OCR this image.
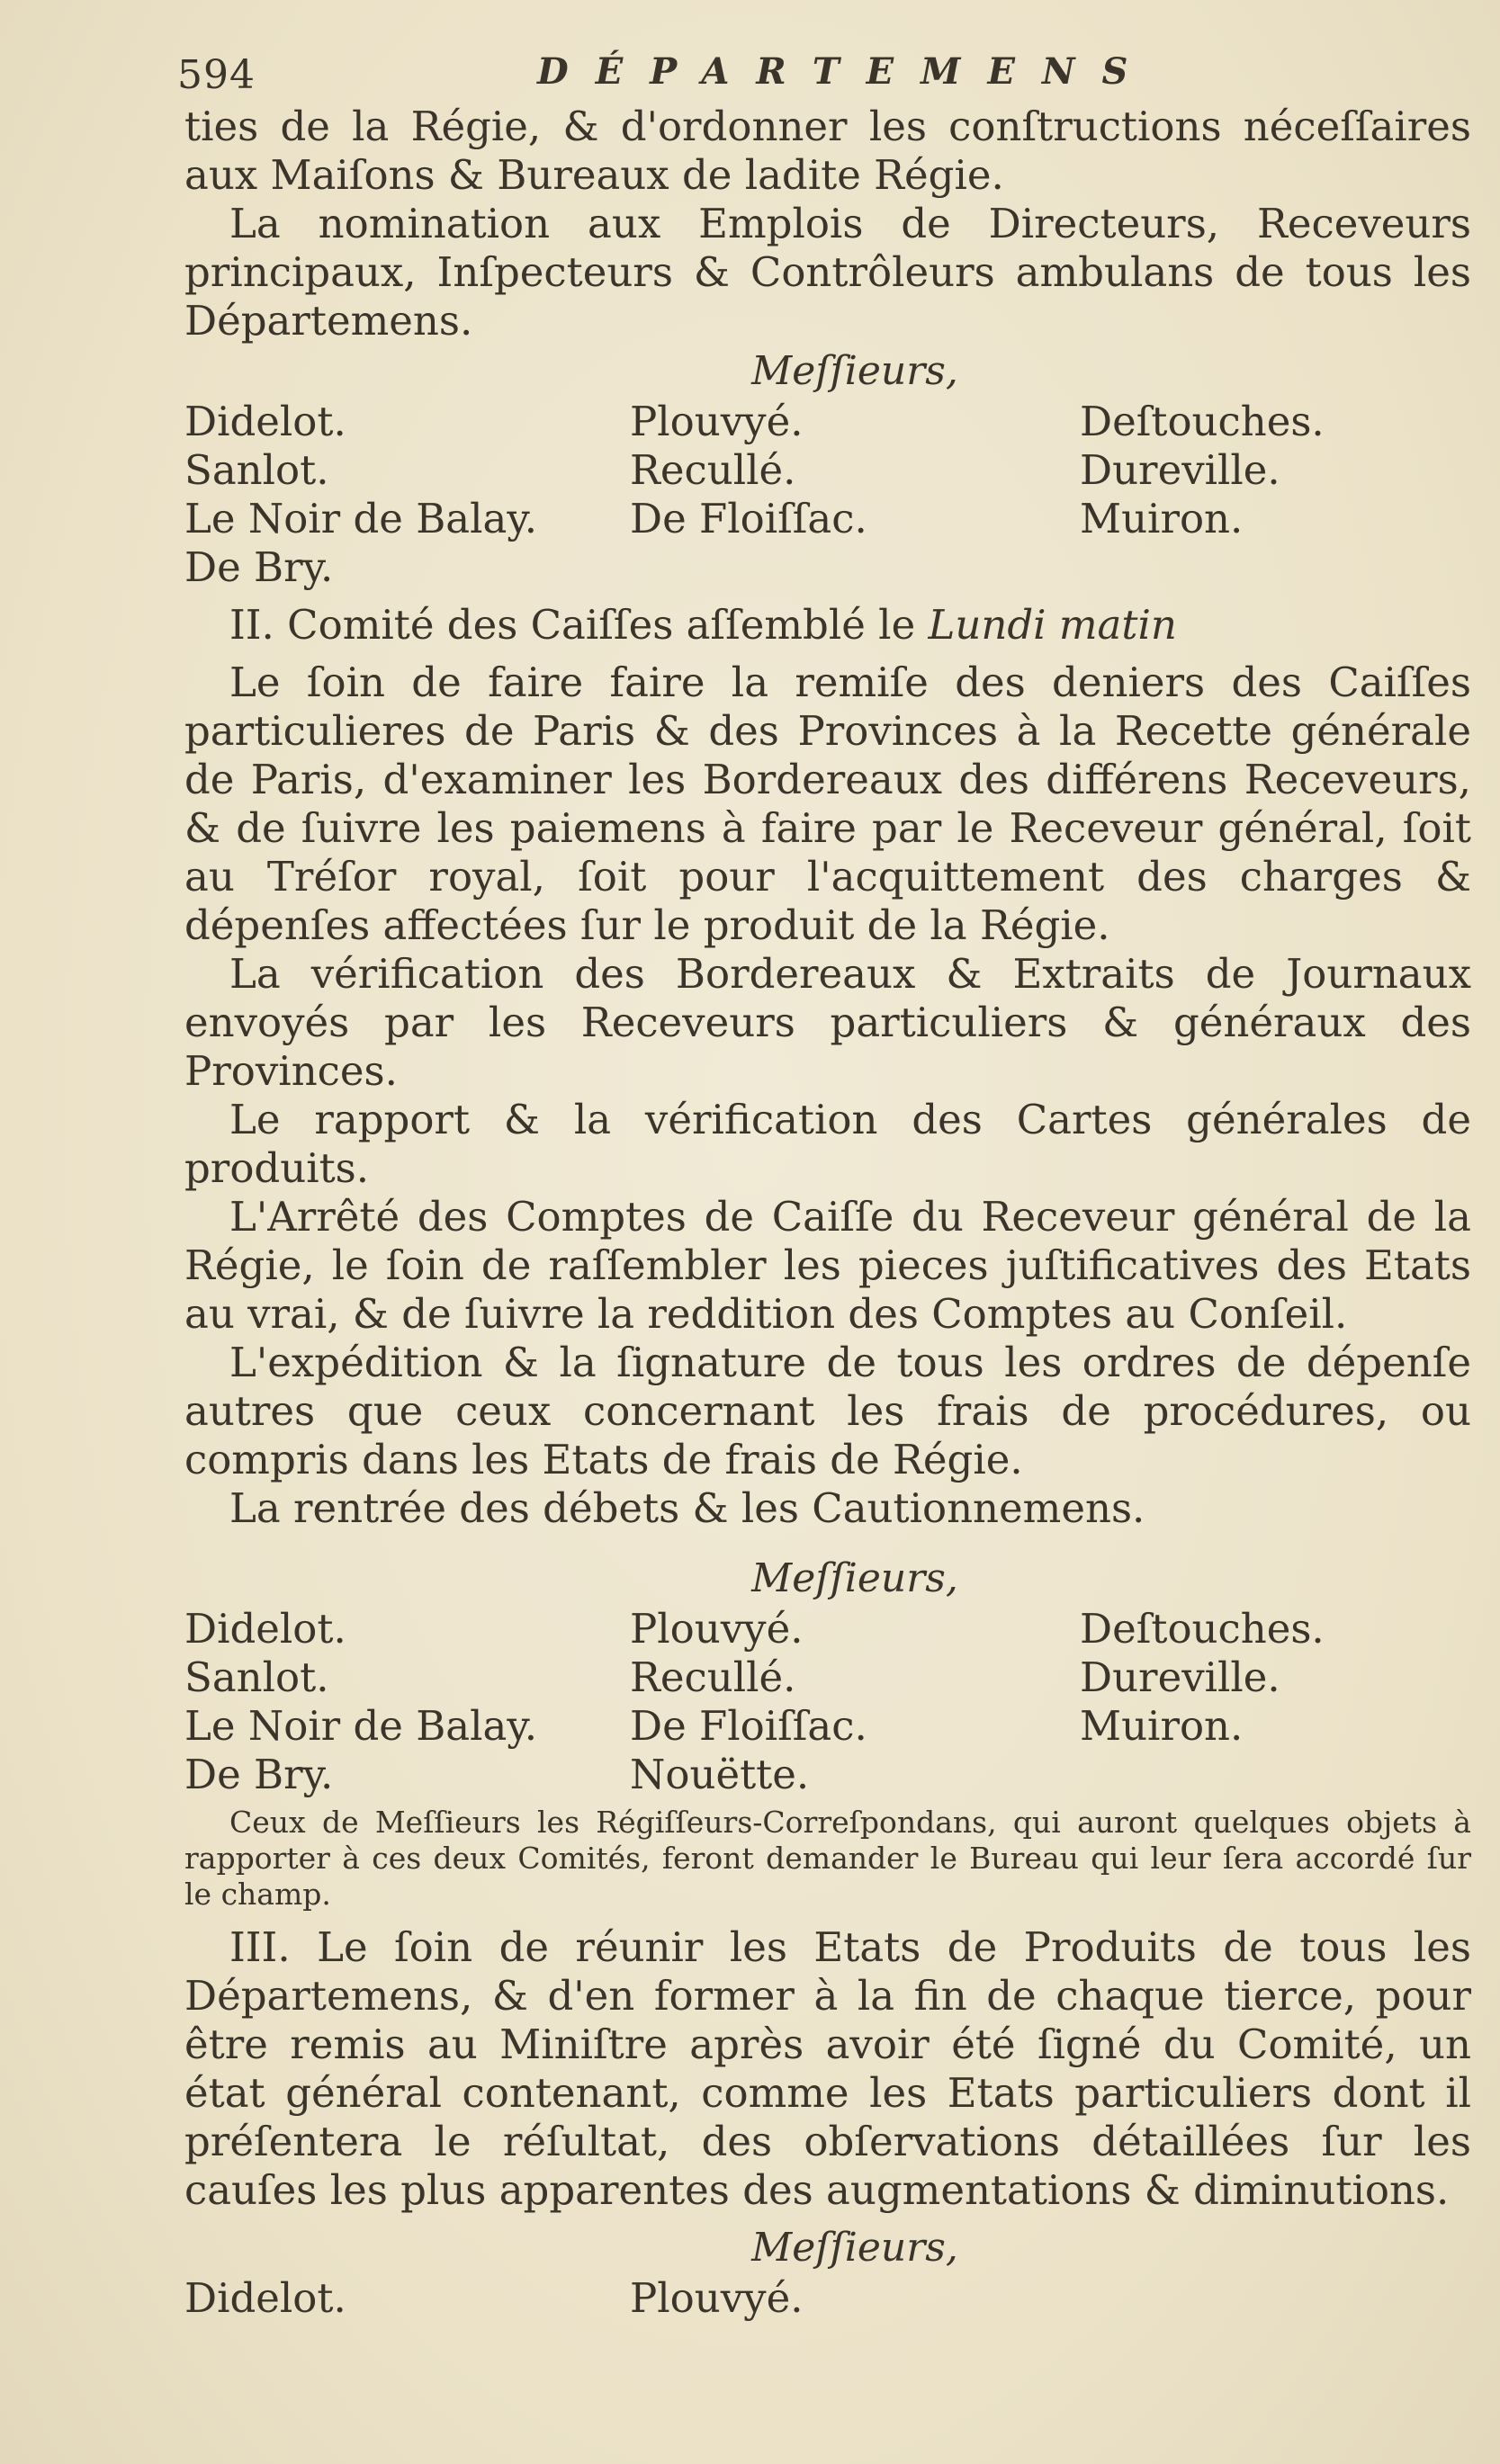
594	DÉPARTEMENS

ties de la Régie, & d'ordonner les conſtructions néceſſaires aux Maiſons & Bureaux de ladite Régie.

La nomination aux Emplois de Directeurs, Receveurs principaux, Inſpecteurs & Contrôleurs ambulans de tous les Départemens.

Meſſieurs,
Didelot.	Plouvyé.	Deſtouches.
Sanlot.	Recullé.	Dureville.
Le Noir de Balay.	De Floiſſac.	Muiron.
De Bry.
II. Comité des Caiſſes aſſemblé le Lundi matin

Le ſoin de faire faire la remiſe des deniers des Caiſſes particulieres de Paris & des Provinces à la Recette générale de Paris, d'examiner les Bordereaux des différens Receveurs, & de ſuivre les paiemens à faire par le Receveur général, ſoit au Tréſor royal, ſoit pour l'acquittement des charges & dépenſes affectées ſur le produit de la Régie.

La vérification des Bordereaux & Extraits de Journaux envoyés par les Receveurs particuliers & généraux des Provinces.

Le rapport & la vérification des Cartes générales de produits.

L'Arrêté des Comptes de Caiſſe du Receveur général de la Régie, le ſoin de raſſembler les pieces juſtificatives des Etats au vrai, & de ſuivre la reddition des Comptes au Conſeil.

L'expédition & la ſignature de tous les ordres de dépenſe autres que ceux concernant les frais de procédures, ou compris dans les Etats de frais de Régie.

La rentrée des débets & les Cautionnemens.

Meſſieurs,
Didelot.	Plouvyé.	Deſtouches.
Sanlot.	Recullé.	Dureville.
Le Noir de Balay.	De Floiſſac.	Muiron.
De Bry.	Nouëtte.

Ceux de Meſſieurs les Régiſſeurs-Correſpondans, qui auront quelques objets à rapporter à ces deux Comités, feront demander le Bureau qui leur ſera accordé ſur le champ.

III. Le ſoin de réunir les Etats de Produits de tous les Départemens, & d'en former à la fin de chaque tierce, pour être remis au Miniſtre après avoir été ſigné du Comité, un état général contenant, comme les Etats particuliers dont il préſentera le réſultat, des obſervations détaillées ſur les cauſes les plus apparentes des augmentations & diminutions.

Meſſieurs,
Didelot.	Plouvyé.
